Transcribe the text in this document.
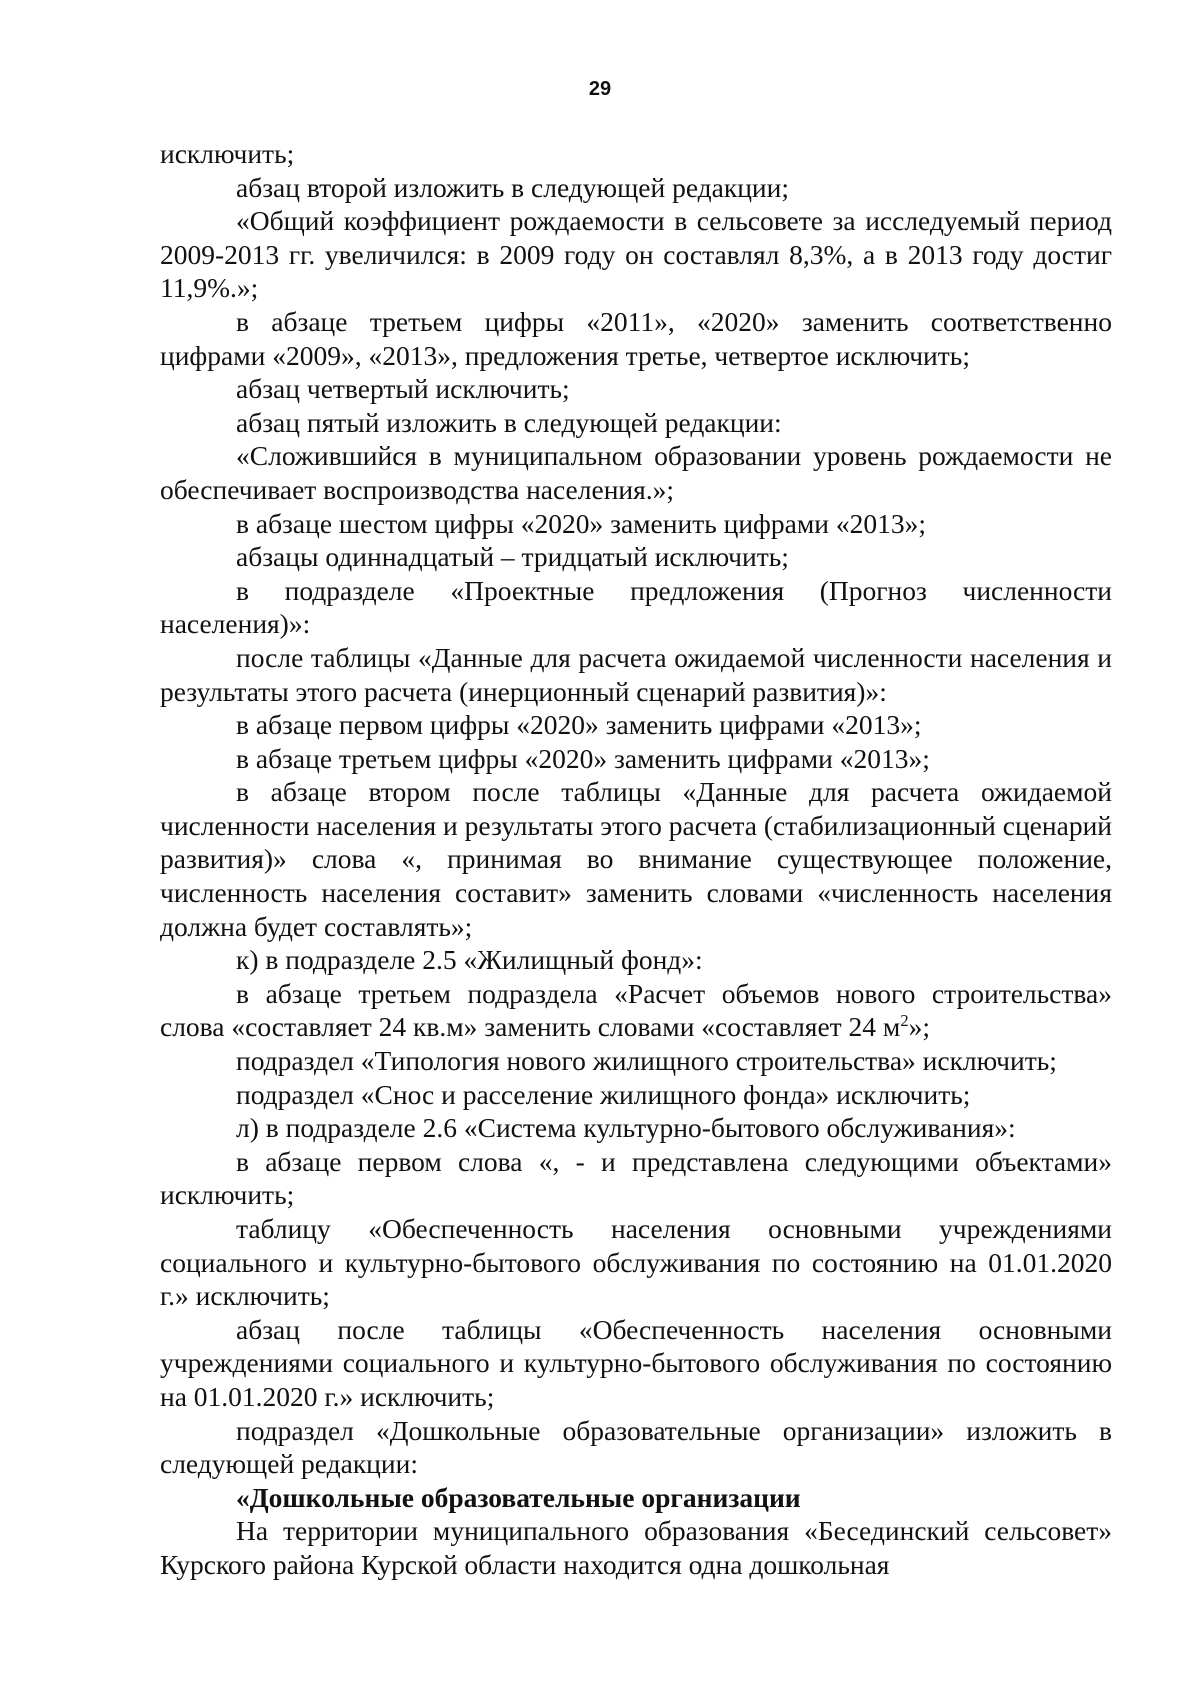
29

исключить;

абзац второй изложить в следующей редакции;

«Общий коэффициент рождаемости в сельсовете за исследуемый период 2009-2013 гг. увеличился: в 2009 году он составлял 8,3%, а в 2013 году достиг 11,9%.»;

в абзаце третьем цифры «2011», «2020» заменить соответственно цифрами «2009», «2013», предложения третье, четвертое исключить;

абзац четвертый исключить;

абзац пятый изложить в следующей редакции:

«Сложившийся в муниципальном образовании уровень рождаемости не обеспечивает воспроизводства населения.»;

в абзаце шестом цифры «2020» заменить цифрами «2013»;

абзацы одиннадцатый – тридцатый исключить;

в подразделе «Проектные предложения (Прогноз численности населения)»:

после таблицы «Данные для расчета ожидаемой численности населения и результаты этого расчета (инерционный сценарий развития)»:

в абзаце первом цифры «2020» заменить цифрами «2013»;

в абзаце третьем цифры «2020» заменить цифрами «2013»;

в абзаце втором после таблицы «Данные для расчета ожидаемой численности населения и результаты этого расчета (стабилизационный сценарий развития)» слова «, принимая во внимание существующее положение, численность населения составит» заменить словами «численность населения должна будет составлять»;

к) в подразделе 2.5 «Жилищный фонд»:

в абзаце третьем подраздела «Расчет объемов нового строительства» слова «составляет 24 кв.м» заменить словами «составляет 24 $м^2$»;

подраздел «Типология нового жилищного строительства» исключить;

подраздел «Снос и расселение жилищного фонда» исключить;

л) в подразделе 2.6 «Система культурно-бытового обслуживания»:

в абзаце первом слова «, - и представлена следующими объектами» исключить;

таблицу «Обеспеченность населения основными учреждениями социального и культурно-бытового обслуживания по состоянию на 01.01.2020 г.» исключить;

абзац после таблицы «Обеспеченность населения основными учреждениями социального и культурно-бытового обслуживания по состоянию на 01.01.2020 г.» исключить;

подраздел «Дошкольные образовательные организации» изложить в следующей редакции:

«Дошкольные образовательные организации

На территории муниципального образования «Бесединский сельсовет» Курского района Курской области находится одна дошкольная
